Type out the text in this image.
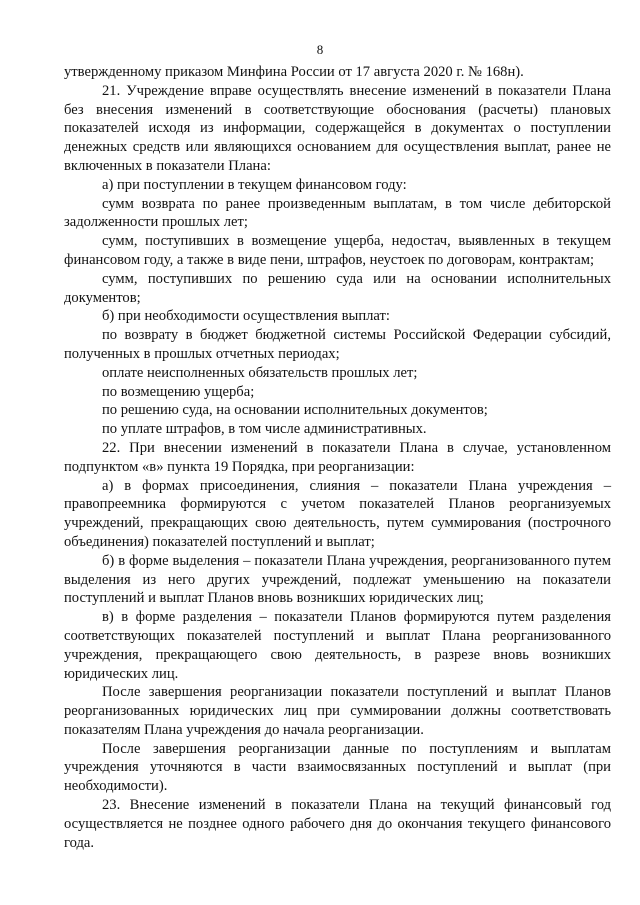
8

утвержденному приказом Минфина России от 17 августа 2020 г. № 168н).

21. Учреждение вправе осуществлять внесение изменений в показатели Плана без внесения изменений в соответствующие обоснования (расчеты) плановых показателей исходя из информации, содержащейся в документах о поступлении денежных средств или являющихся основанием для осуществления выплат, ранее не включенных в показатели Плана:

а) при поступлении в текущем финансовом году:

сумм возврата по ранее произведенным выплатам, в том числе дебиторской задолженности прошлых лет;

сумм, поступивших в возмещение ущерба, недостач, выявленных в текущем финансовом году, а также в виде пени, штрафов, неустоек по договорам, контрактам;

сумм, поступивших по решению суда или на основании исполнительных документов;

б) при необходимости осуществления выплат:

по возврату в бюджет бюджетной системы Российской Федерации субсидий, полученных в прошлых отчетных периодах;

оплате неисполненных обязательств прошлых лет;

по возмещению ущерба;

по решению суда, на основании исполнительных документов;

по уплате штрафов, в том числе административных.

22. При внесении изменений в показатели Плана в случае, установленном подпунктом «в» пункта 19 Порядка, при реорганизации:

а) в формах присоединения, слияния – показатели Плана учреждения – правопреемника формируются с учетом показателей Планов реорганизуемых учреждений, прекращающих свою деятельность, путем суммирования (построчного объединения) показателей поступлений и выплат;

б) в форме выделения – показатели Плана учреждения, реорганизованного путем выделения из него других учреждений, подлежат уменьшению на показатели поступлений и выплат Планов вновь возникших юридических лиц;

в) в форме разделения – показатели Планов формируются путем разделения соответствующих показателей поступлений и выплат Плана реорганизованного учреждения, прекращающего свою деятельность, в разрезе вновь возникших юридических лиц.

После завершения реорганизации показатели поступлений и выплат Планов реорганизованных юридических лиц при суммировании должны соответствовать показателям Плана учреждения до начала реорганизации.

После завершения реорганизации данные по поступлениям и выплатам учреждения уточняются в части взаимосвязанных поступлений и выплат (при необходимости).

23. Внесение изменений в показатели Плана на текущий финансовый год осуществляется не позднее одного рабочего дня до окончания текущего финансового года.
